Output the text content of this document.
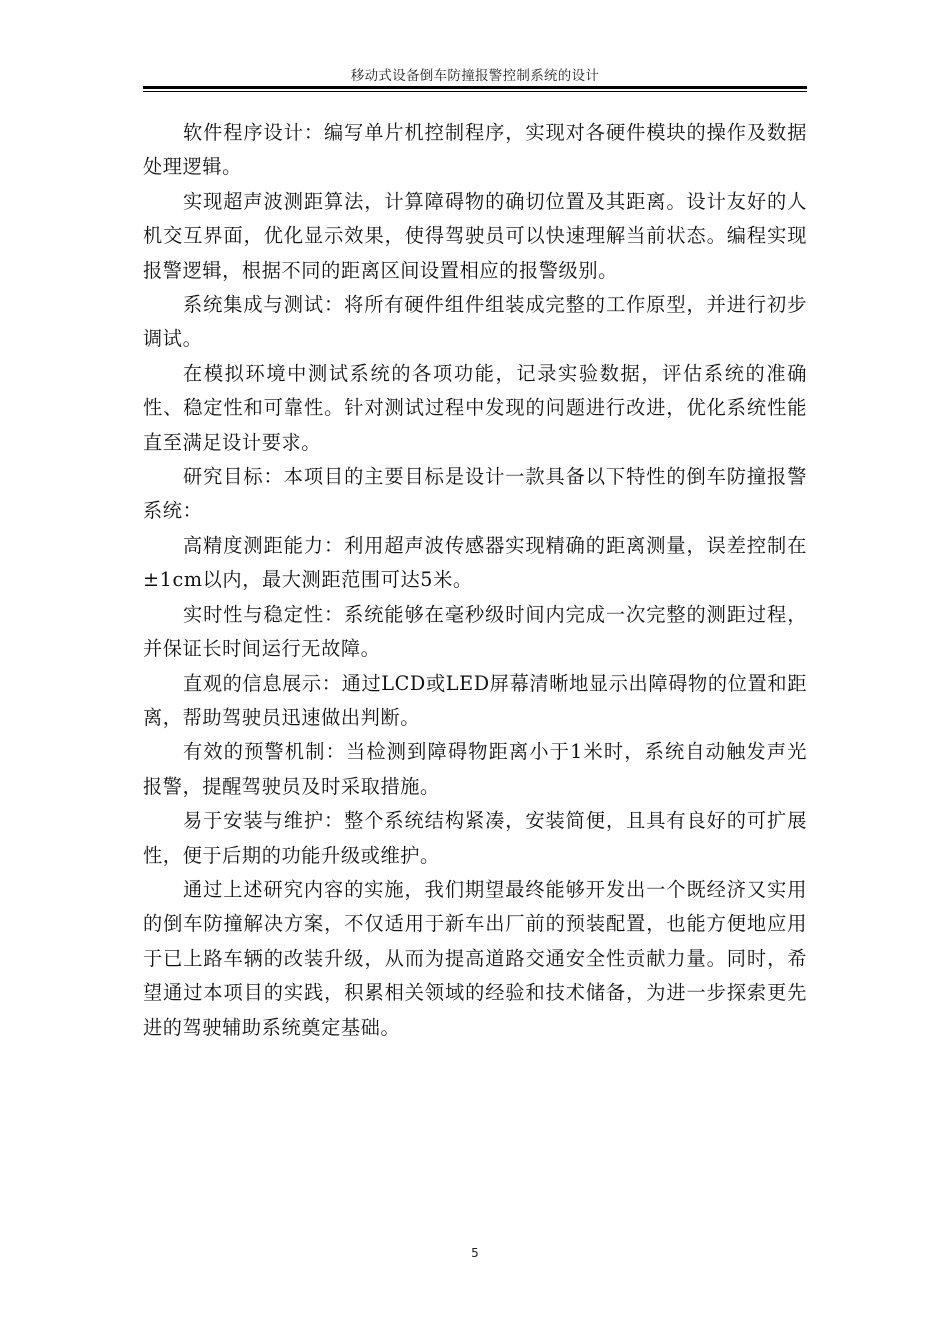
移动式设备倒车防撞报警控制系统的设计

软件程序设计：编写单片机控制程序，实现对各硬件模块的操作及数据处理逻辑。

实现超声波测距算法，计算障碍物的确切位置及其距离。设计友好的人机交互界面，优化显示效果，使得驾驶员可以快速理解当前状态。编程实现报警逻辑，根据不同的距离区间设置相应的报警级别。

系统集成与测试：将所有硬件组件组装成完整的工作原型，并进行初步调试。

在模拟环境中测试系统的各项功能，记录实验数据，评估系统的准确性、稳定性和可靠性。针对测试过程中发现的问题进行改进，优化系统性能直至满足设计要求。

研究目标：本项目的主要目标是设计一款具备以下特性的倒车防撞报警系统：

高精度测距能力：利用超声波传感器实现精确的距离测量，误差控制在±1cm以内，最大测距范围可达5米。

实时性与稳定性：系统能够在毫秒级时间内完成一次完整的测距过程，并保证长时间运行无故障。

直观的信息展示：通过LCD或LED屏幕清晰地显示出障碍物的位置和距离，帮助驾驶员迅速做出判断。

有效的预警机制：当检测到障碍物距离小于1米时，系统自动触发声光报警，提醒驾驶员及时采取措施。

易于安装与维护：整个系统结构紧凑，安装简便，且具有良好的可扩展性，便于后期的功能升级或维护。

通过上述研究内容的实施，我们期望最终能够开发出一个既经济又实用的倒车防撞解决方案，不仅适用于新车出厂前的预装配置，也能方便地应用于已上路车辆的改装升级，从而为提高道路交通安全性贡献力量。同时，希望通过本项目的实践，积累相关领域的经验和技术储备，为进一步探索更先进的驾驶辅助系统奠定基础。

5
